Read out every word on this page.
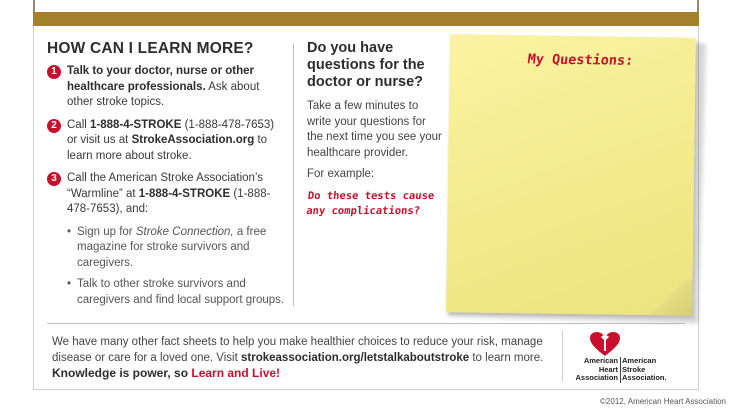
HOW CAN I LEARN MORE?
1 Talk to your doctor, nurse or other healthcare professionals. Ask about other stroke topics.
2 Call 1-888-4-STROKE (1-888-478-7653) or visit us at StrokeAssociation.org to learn more about stroke.
3 Call the American Stroke Association’s “Warmline” at 1-888-4-STROKE (1-888-478-7653), and:
• Sign up for Stroke Connection, a free magazine for stroke survivors and caregivers.
• Talk to other stroke survivors and caregivers and find local support groups.
Do you have questions for the doctor or nurse?
Take a few minutes to write your questions for the next time you see your healthcare provider.
For example:
Do these tests cause any complications?
My Questions:
We have many other fact sheets to help you make healthier choices to reduce your risk, manage disease or care for a loved one. Visit strokeassociation.org/letstalkaboutstroke to learn more.
Knowledge is power, so Learn and Live!
American
Heart
Association
American
Stroke
Association.
©2012, American Heart Association
